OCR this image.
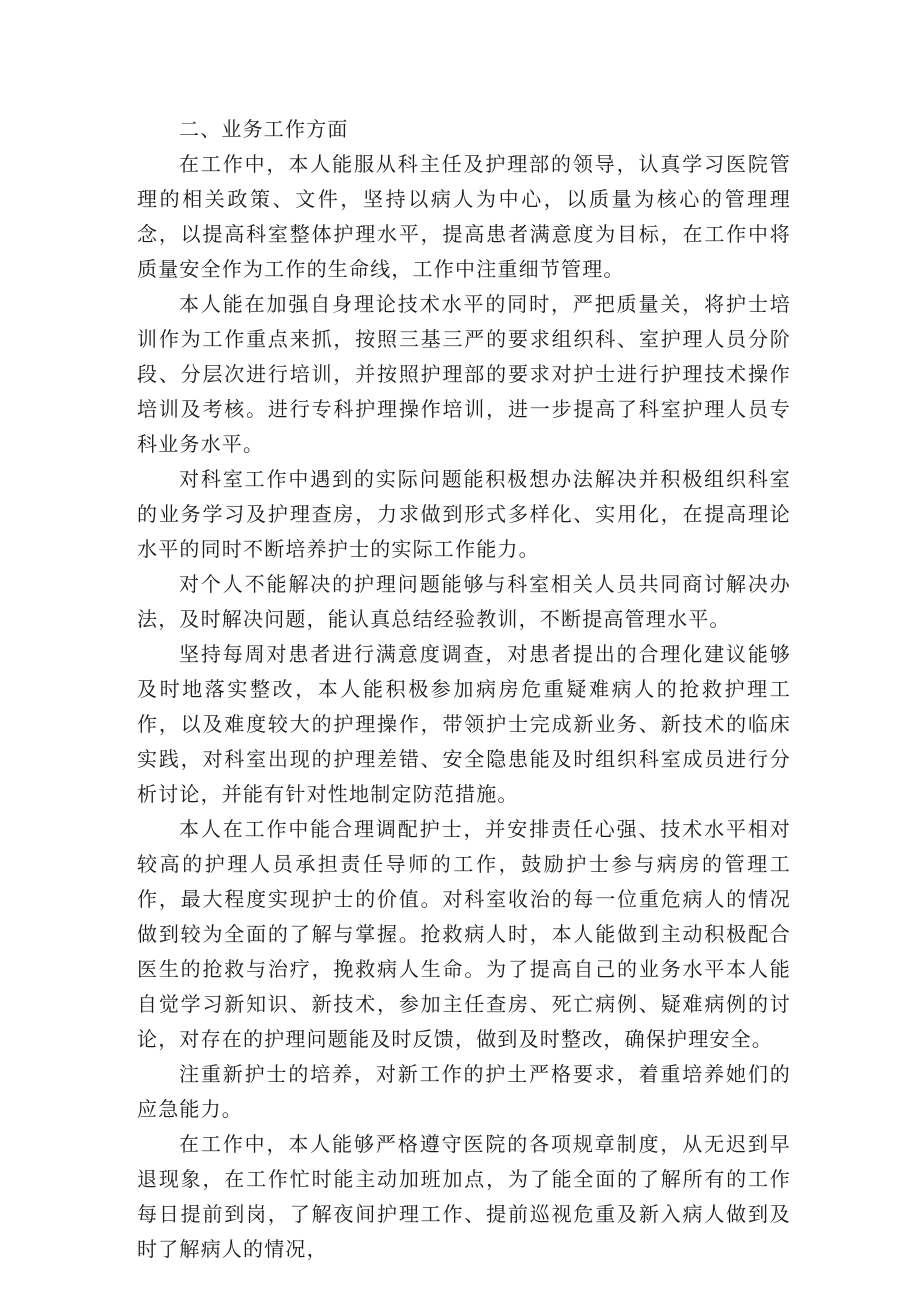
二、业务工作方面

在工作中，本人能服从科主任及护理部的领导，认真学习医院管理的相关政策、文件，坚持以病人为中心，以质量为核心的管理理念，以提高科室整体护理水平，提高患者满意度为目标，在工作中将质量安全作为工作的生命线，工作中注重细节管理。

本人能在加强自身理论技术水平的同时，严把质量关，将护士培训作为工作重点来抓，按照三基三严的要求组织科、室护理人员分阶段、分层次进行培训，并按照护理部的要求对护士进行护理技术操作培训及考核。进行专科护理操作培训，进一步提高了科室护理人员专科业务水平。

对科室工作中遇到的实际问题能积极想办法解决并积极组织科室的业务学习及护理查房，力求做到形式多样化、实用化，在提高理论水平的同时不断培养护士的实际工作能力。

对个人不能解决的护理问题能够与科室相关人员共同商讨解决办法，及时解决问题，能认真总结经验教训，不断提高管理水平。

坚持每周对患者进行满意度调查，对患者提出的合理化建议能够及时地落实整改，本人能积极参加病房危重疑难病人的抢救护理工作，以及难度较大的护理操作，带领护士完成新业务、新技术的临床实践，对科室出现的护理差错、安全隐患能及时组织科室成员进行分析讨论，并能有针对性地制定防范措施。

本人在工作中能合理调配护士，并安排责任心强、技术水平相对较高的护理人员承担责任导师的工作，鼓励护士参与病房的管理工作，最大程度实现护士的价值。对科室收治的每一位重危病人的情况做到较为全面的了解与掌握。抢救病人时，本人能做到主动积极配合医生的抢救与治疗，挽救病人生命。为了提高自己的业务水平本人能自觉学习新知识、新技术，参加主任查房、死亡病例、疑难病例的讨论，对存在的护理问题能及时反馈，做到及时整改，确保护理安全。

注重新护士的培养，对新工作的护土严格要求，着重培养她们的应急能力。

在工作中，本人能够严格遵守医院的各项规章制度，从无迟到早退现象，在工作忙时能主动加班加点，为了能全面的了解所有的工作每日提前到岗，了解夜间护理工作、提前巡视危重及新入病人做到及时了解病人的情况，
